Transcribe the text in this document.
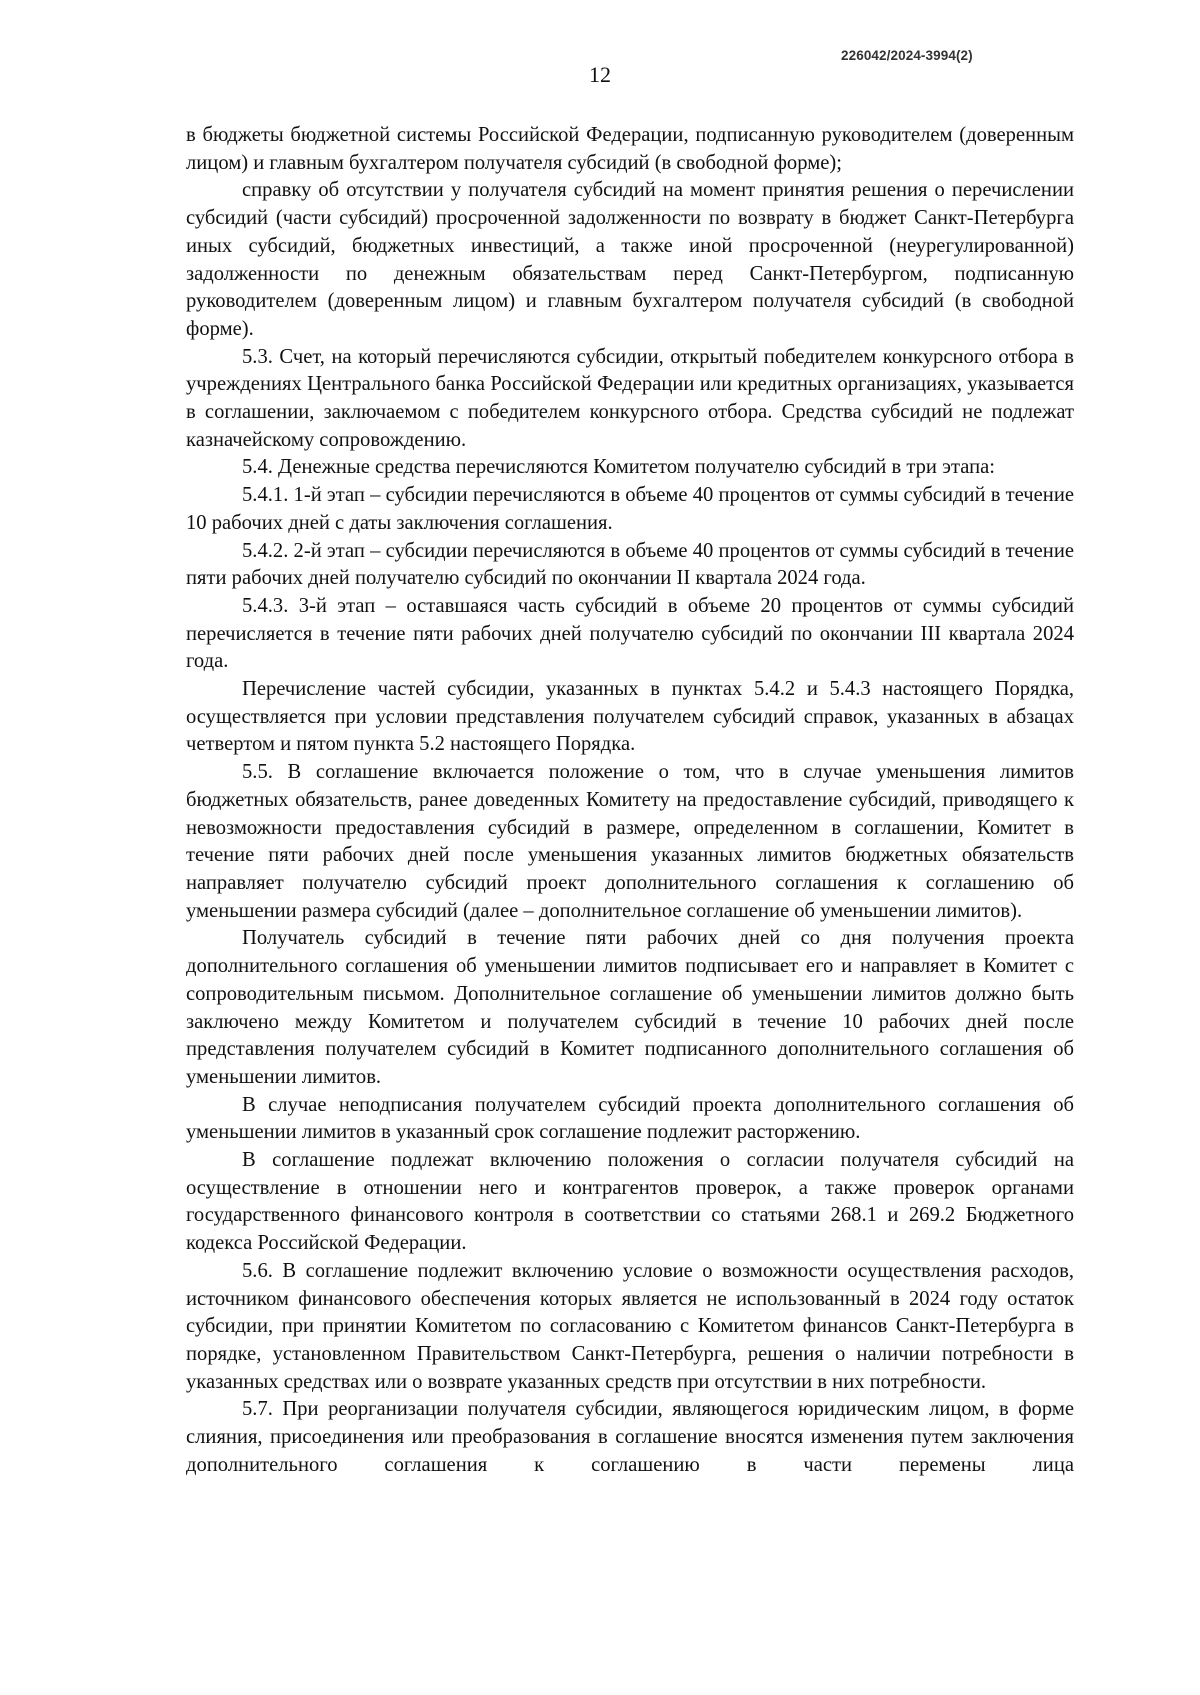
226042/2024-3994(2)
12

в бюджеты бюджетной системы Российской Федерации, подписанную руководителем (доверенным лицом) и главным бухгалтером получателя субсидий (в свободной форме);

справку об отсутствии у получателя субсидий на момент принятия решения о перечислении субсидий (части субсидий) просроченной задолженности по возврату в бюджет Санкт-Петербурга иных субсидий, бюджетных инвестиций, а также иной просроченной (неурегулированной) задолженности по денежным обязательствам перед Санкт-Петербургом, подписанную руководителем (доверенным лицом) и главным бухгалтером получателя субсидий (в свободной форме).

5.3. Счет, на который перечисляются субсидии, открытый победителем конкурсного отбора в учреждениях Центрального банка Российской Федерации или кредитных организациях, указывается в соглашении, заключаемом с победителем конкурсного отбора. Средства субсидий не подлежат казначейскому сопровождению.

5.4. Денежные средства перечисляются Комитетом получателю субсидий в три этапа:

5.4.1. 1-й этап – субсидии перечисляются в объеме 40 процентов от суммы субсидий в течение 10 рабочих дней с даты заключения соглашения.

5.4.2. 2-й этап – субсидии перечисляются в объеме 40 процентов от суммы субсидий в течение пяти рабочих дней получателю субсидий по окончании II квартала 2024 года.

5.4.3. 3-й этап – оставшаяся часть субсидий в объеме 20 процентов от суммы субсидий перечисляется в течение пяти рабочих дней получателю субсидий по окончании III квартала 2024 года.

Перечисление частей субсидии, указанных в пунктах 5.4.2 и 5.4.3 настоящего Порядка, осуществляется при условии представления получателем субсидий справок, указанных в абзацах четвертом и пятом пункта 5.2 настоящего Порядка.

5.5. В соглашение включается положение о том, что в случае уменьшения лимитов бюджетных обязательств, ранее доведенных Комитету на предоставление субсидий, приводящего к невозможности предоставления субсидий в размере, определенном в соглашении, Комитет в течение пяти рабочих дней после уменьшения указанных лимитов бюджетных обязательств направляет получателю субсидий проект дополнительного соглашения к соглашению об уменьшении размера субсидий (далее – дополнительное соглашение об уменьшении лимитов).

Получатель субсидий в течение пяти рабочих дней со дня получения проекта дополнительного соглашения об уменьшении лимитов подписывает его и направляет в Комитет с сопроводительным письмом. Дополнительное соглашение об уменьшении лимитов должно быть заключено между Комитетом и получателем субсидий в течение 10 рабочих дней после представления получателем субсидий в Комитет подписанного дополнительного соглашения об уменьшении лимитов.

В случае неподписания получателем субсидий проекта дополнительного соглашения об уменьшении лимитов в указанный срок соглашение подлежит расторжению.

В соглашение подлежат включению положения о согласии получателя субсидий на осуществление в отношении него и контрагентов проверок, а также проверок органами государственного финансового контроля в соответствии со статьями 268.1 и 269.2 Бюджетного кодекса Российской Федерации.

5.6. В соглашение подлежит включению условие о возможности осуществления расходов, источником финансового обеспечения которых является не использованный в 2024 году остаток субсидии, при принятии Комитетом по согласованию с Комитетом финансов Санкт-Петербурга в порядке, установленном Правительством Санкт-Петербурга, решения о наличии потребности в указанных средствах или о возврате указанных средств при отсутствии в них потребности.

5.7. При реорганизации получателя субсидии, являющегося юридическим лицом, в форме слияния, присоединения или преобразования в соглашение вносятся изменения путем заключения дополнительного соглашения к соглашению в части перемены лица
